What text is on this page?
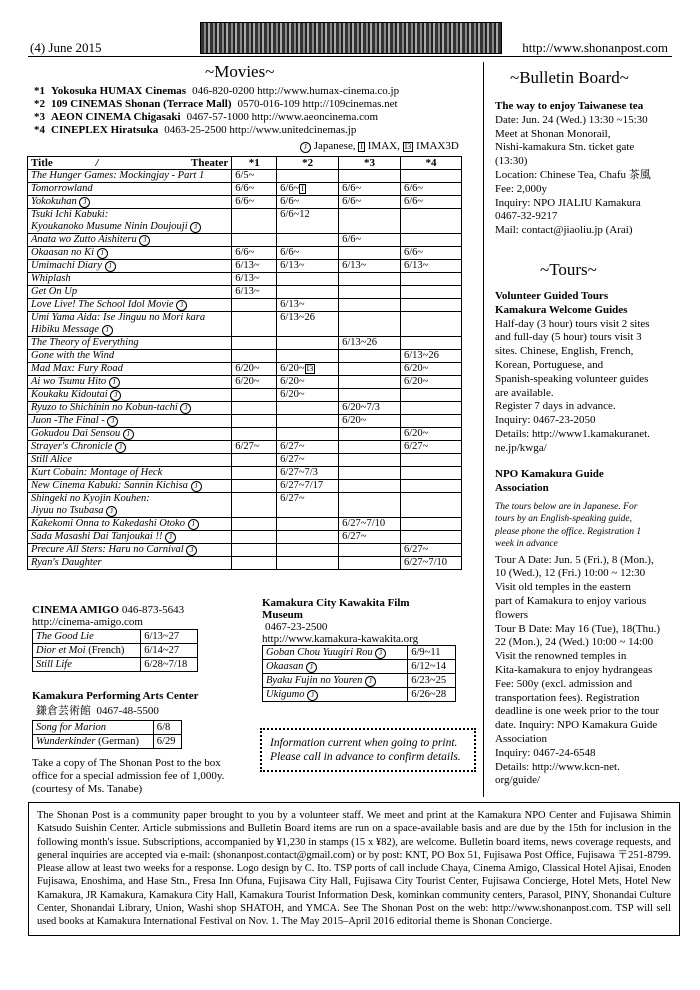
(4) June 2015	http://www.shonanpost.com
~Movies~
*1 Yokosuka HUMAX Cinemas 046-820-0200 http://www.humax-cinema.co.jp
*2 109 CINEMAS Shonan (Terrace Mall) 0570-016-109 http://109cinemas.net
*3 AEON CINEMA Chigasaki 0467-57-1000 http://www.aeoncinema.com
*4 CINEPLEX Hiratsuka 0463-25-2500 http://www.unitedcinemas.jp
J Japanese, I IMAX, I3 IMAX3D
Title / Theater	*1	*2	*3	*4
The Hunger Games: Mockingjay - Part 1	6/5~			
Tomorrowland	6/6~	6/6~ I	6/6~	6/6~
Yokokuhan J	6/6~	6/6~	6/6~	6/6~
Tsuki Ichi Kabuki:
Kyoukanoko Musume Ninin Doujouji J		6/6~12		
Anata wo Zutto Aishiteru J			6/6~	
Okaasan no Ki J	6/6~	6/6~		6/6~
Umimachi Diary J	6/13~	6/13~	6/13~	6/13~
Whiplash	6/13~			
Get On Up	6/13~			
Love Live! The School Idol Movie J		6/13~		
Umi Yama Aida: Ise Jinguu no Mori kara
Hibiku Message J		6/13~26		
The Theory of Everything			6/13~26	
Gone with the Wind				6/13~26
Mad Max: Fury Road	6/20~	6/20~ I3		6/20~
Ai wo Tsumu Hito J	6/20~	6/20~		6/20~
Koukaku Kidoutai J		6/20~		
Ryuzo to Shichinin no Kobun-tachi J			6/20~7/3	
Juon -The Final - J			6/20~	
Gokudou Dai Sensou J				6/20~
Strayer's Chronicle J	6/27~	6/27~		6/27~
Still Alice		6/27~		
Kurt Cobain: Montage of Heck		6/27~7/3		
New Cinema Kabuki: Sannin Kichisa J		6/27~7/17		
Shingeki no Kyojin Kouhen:
Jiyuu no Tsubasa J		6/27~		
Kakekomi Onna to Kakedashi Otoko J			6/27~7/10	
Sada Masashi Dai Tanjoukai !! J			6/27~	
Precure All Sters: Haru no Carnival J				6/27~
Ryan's Daughter				6/27~7/10
CINEMA AMIGO 046-873-5643
http://cinema-amigo.com
The Good Lie	6/13~27
Dior et Moi (French)	6/14~27
Still Life	6/28~7/18
Kamakura Performing Arts Center
鎌倉芸術館 0467-48-5500
Song for Marion	6/8
Wunderkinder (German)	6/29
Take a copy of The Shonan Post to the box office for a special admission fee of 1,000y. (courtesy of Ms. Tanabe)
Kamakura City Kawakita Film
Museum
0467-23-2500
http://www.kamakura-kawakita.org
Goban Chou Yuugiri Rou J	6/9~11
Okaasan J	6/12~14
Byaku Fujin no Youren J	6/23~25
Ukigumo J	6/26~28
Information current when going to print. Please call in advance to confirm details.
~Bulletin Board~
The way to enjoy Taiwanese tea
Date: Jun. 24 (Wed.) 13:30 ~15:30
Meet at Shonan Monorail,
Nishi-kamakura Stn. ticket gate
(13:30)
Location: Chinese Tea, Chafu 茶風
Fee: 2,000y
Inquiry: NPO JIALIU Kamakura
0467-32-9217
Mail: contact@jiaoliu.jp (Arai)
~Tours~
Volunteer Guided Tours
Kamakura Welcome Guides
Half-day (3 hour) tours visit 2 sites
and full-day (5 hour) tours visit 3
sites. Chinese, English, French,
Korean, Portuguese, and
Spanish-speaking volunteer guides
are available.
Register 7 days in advance.
Inquiry: 0467-23-2050
Details: http://www1.kamakuranet.
ne.jp/kwga/
NPO Kamakura Guide
Association
The tours below are in Japanese. For
tours by an English-speaking guide,
please phone the office. Registration 1
week in advance
Tour A Date: Jun. 5 (Fri.), 8 (Mon.),
10 (Wed.), 12 (Fri.) 10:00 ~ 12:30
Visit old temples in the eastern
part of Kamakura to enjoy various
flowers
Tour B Date: May 16 (Tue), 18(Thu.)
22 (Mon.), 24 (Wed.) 10:00 ~ 14:00
Visit the renowned temples in
Kita-kamakura to enjoy hydrangeas
Fee: 500y (excl. admission and
transportation fees). Registration
deadline is one week prior to the tour
date. Inquiry: NPO Kamakura Guide
Association
Inquiry: 0467-24-6548
Details: http://www.kcn-net.
org/guide/
The Shonan Post is a community paper brought to you by a volunteer staff. We meet and print at the Kamakura NPO Center and Fujisawa Shimin Katsudo Suishin Center. Article submissions and Bulletin Board items are run on a space-available basis and are due by the 15th for inclusion in the following month's issue. Subscriptions, accompanied by ¥1,230 in stamps (15 x ¥82), are welcome. Bulletin board items, news coverage requests, and general inquiries are accepted via e-mail: (shonanpost.contact@gmail.com) or by post: KNT, PO Box 51, Fujisawa Post Office, Fujisawa 〒251-8799. Please allow at least two weeks for a response. Logo design by C. Ito. TSP ports of call include Chaya, Cinema Amigo, Classical Hotel Ajisai, Enoden Fujisawa, Enoshima, and Hase Stn., Fresa Inn Ofuna, Fujisawa City Hall, Fujisawa City Tourist Center, Fujisawa Concierge, Hotel Mets, Hotel New Kamakura, JR Kamakura, Kamakura City Hall, Kamakura Tourist Information Desk, kominkan community centers, Parasol, PINY, Shonandai Culture Center, Shonandai Library, Union, Washi shop SHATOH, and YMCA. See The Shonan Post on the web: http://www.shonanpost.com. TSP will sell used books at Kamakura International Festival on Nov. 1. The May 2015–April 2016 editorial theme is Shonan Concierge.
